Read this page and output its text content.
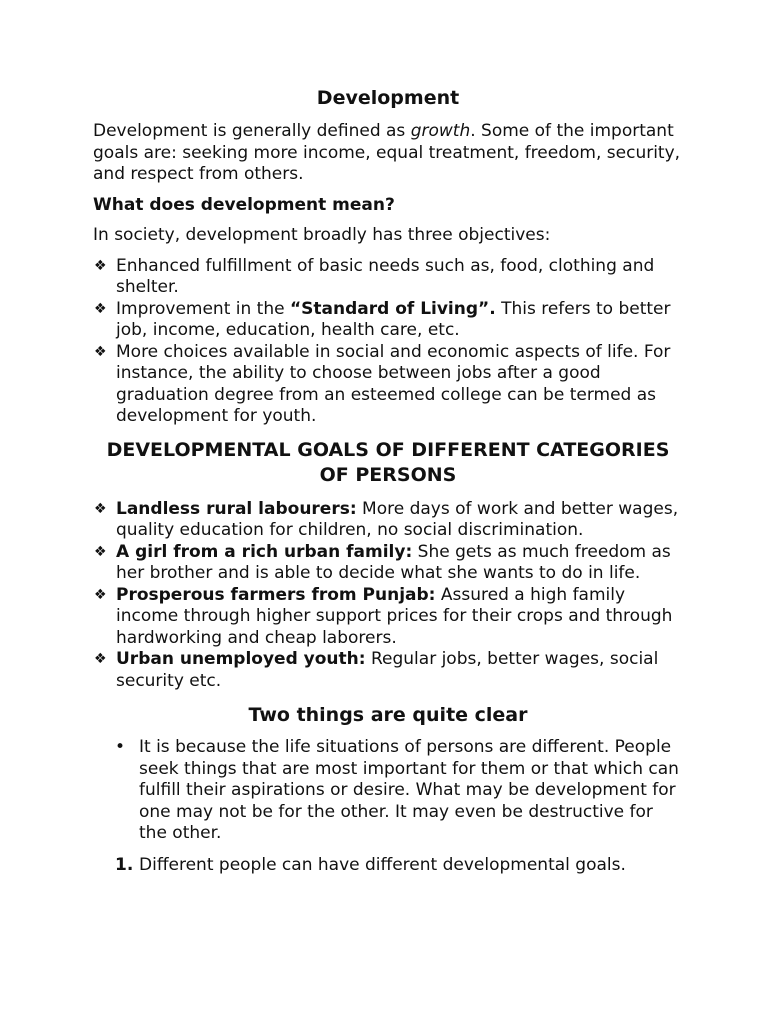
Development

Development is generally defined as growth. Some of the important goals are: seeking more income, equal treatment, freedom, security, and respect from others.

What does development mean?

In society, development broadly has three objectives:

❖ Enhanced fulfillment of basic needs such as, food, clothing and shelter.
❖ Improvement in the “Standard of Living”. This refers to better job, income, education, health care, etc.
❖ More choices available in social and economic aspects of life. For instance, the ability to choose between jobs after a good graduation degree from an esteemed college can be termed as development for youth.
DEVELOPMENTAL GOALS OF DIFFERENT CATEGORIES OF PERSONS
❖ Landless rural labourers: More days of work and better wages, quality education for children, no social discrimination.
❖ A girl from a rich urban family: She gets as much freedom as her brother and is able to decide what she wants to do in life.
❖ Prosperous farmers from Punjab: Assured a high family income through higher support prices for their crops and through hardworking and cheap laborers.
❖ Urban unemployed youth: Regular jobs, better wages, social security etc.
Two things are quite clear
• It is because the life situations of persons are different. People seek things that are most important for them or that which can fulfill their aspirations or desire. What may be development for one may not be for the other. It may even be destructive for the other.
1. Different people can have different developmental goals.
